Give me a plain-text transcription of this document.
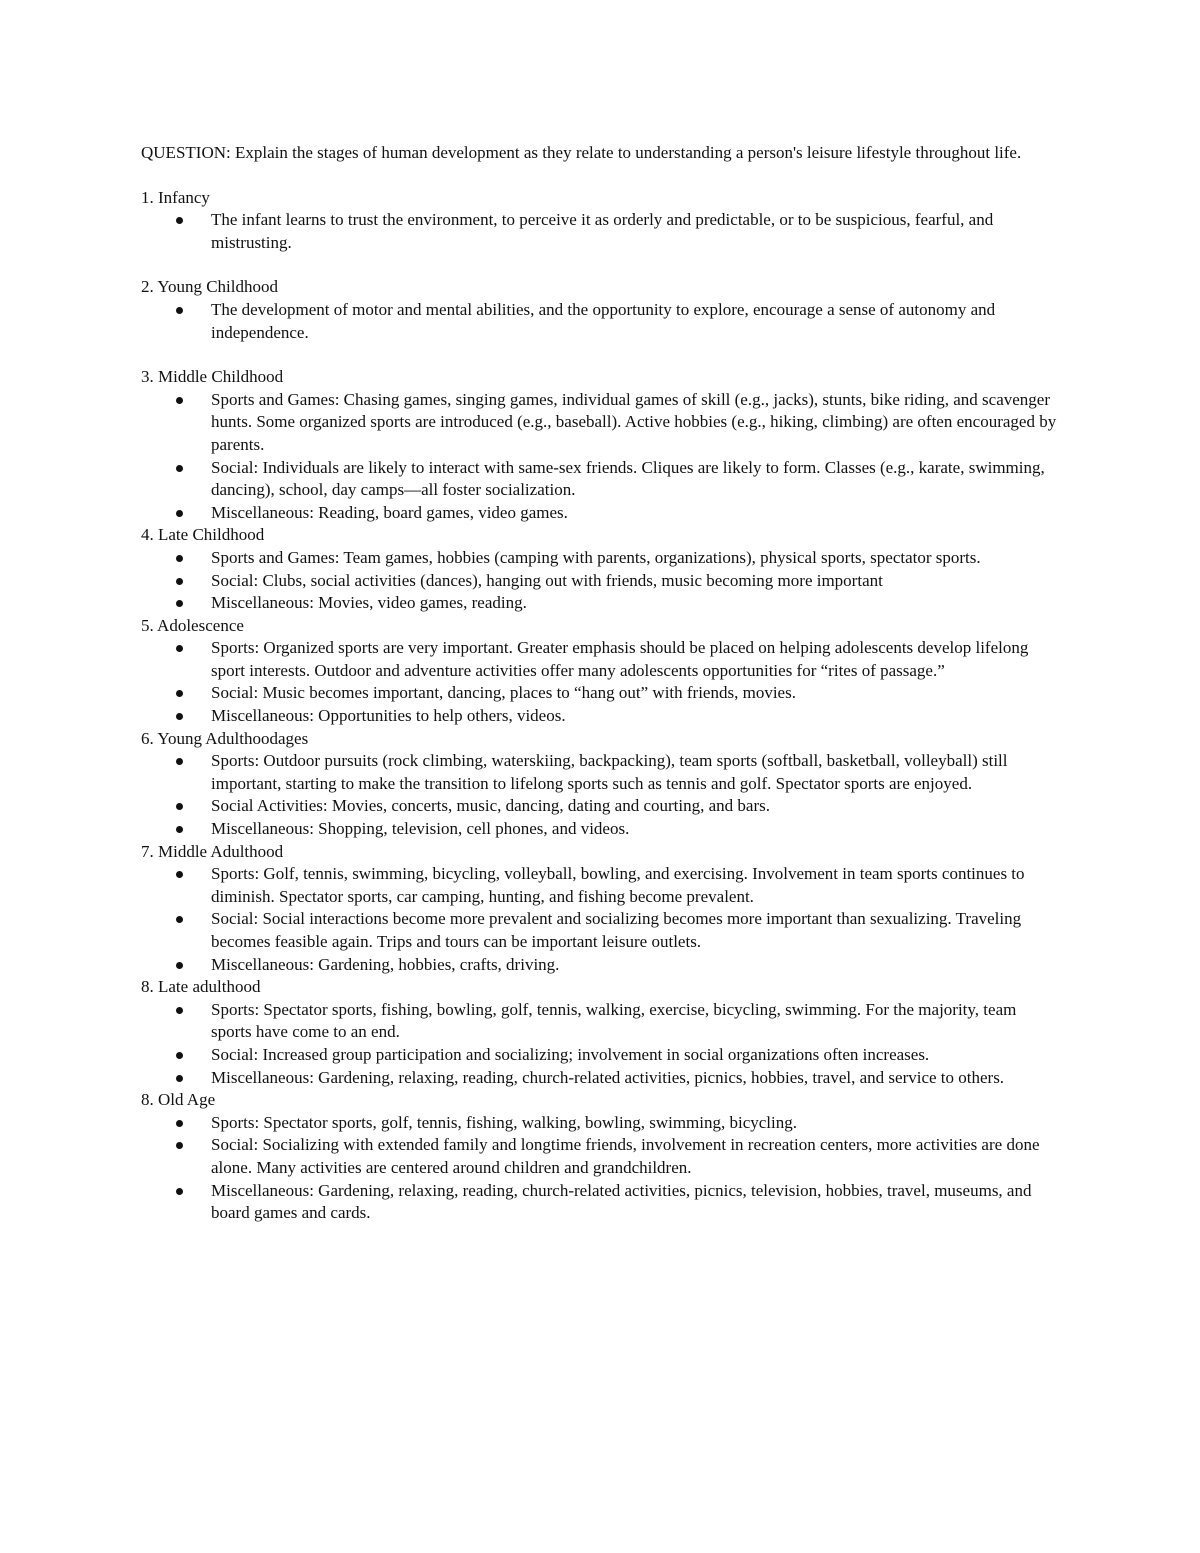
QUESTION: Explain the stages of human development as they relate to understanding a person's leisure lifestyle throughout life.

1. Infancy

The infant learns to trust the environment, to perceive it as orderly and predictable, or to be suspicious, fearful, and mistrusting.

2. Young Childhood

The development of motor and mental abilities, and the opportunity to explore, encourage a sense of autonomy and independence.

3. Middle Childhood

Sports and Games: Chasing games, singing games, individual games of skill (e.g., jacks), stunts, bike riding, and scavenger hunts. Some organized sports are introduced (e.g., baseball). Active hobbies (e.g., hiking, climbing) are often encouraged by parents.
Social: Individuals are likely to interact with same-sex friends. Cliques are likely to form. Classes (e.g., karate, swimming, dancing), school, day camps—all foster socialization.
Miscellaneous: Reading, board games, video games.

4. Late Childhood

Sports and Games: Team games, hobbies (camping with parents, organizations), physical sports, spectator sports.
Social: Clubs, social activities (dances), hanging out with friends, music becoming more important
Miscellaneous: Movies, video games, reading.

5. Adolescence

Sports: Organized sports are very important. Greater emphasis should be placed on helping adolescents develop lifelong sport interests. Outdoor and adventure activities offer many adolescents opportunities for “rites of passage.”
Social: Music becomes important, dancing, places to “hang out” with friends, movies.
Miscellaneous: Opportunities to help others, videos.

6. Young Adulthoodages

Sports: Outdoor pursuits (rock climbing, waterskiing, backpacking), team sports (softball, basketball, volleyball) still important, starting to make the transition to lifelong sports such as tennis and golf. Spectator sports are enjoyed.
Social Activities: Movies, concerts, music, dancing, dating and courting, and bars.
Miscellaneous: Shopping, television, cell phones, and videos.

7. Middle Adulthood

Sports: Golf, tennis, swimming, bicycling, volleyball, bowling, and exercising. Involvement in team sports continues to diminish. Spectator sports, car camping, hunting, and fishing become prevalent.
Social: Social interactions become more prevalent and socializing becomes more important than sexualizing. Traveling becomes feasible again. Trips and tours can be important leisure outlets.
Miscellaneous: Gardening, hobbies, crafts, driving.

8. Late adulthood

Sports: Spectator sports, fishing, bowling, golf, tennis, walking, exercise, bicycling, swimming. For the majority, team sports have come to an end.
Social: Increased group participation and socializing; involvement in social organizations often increases.
Miscellaneous: Gardening, relaxing, reading, church-related activities, picnics, hobbies, travel, and service to others.

8. Old Age

Sports: Spectator sports, golf, tennis, fishing, walking, bowling, swimming, bicycling.
Social: Socializing with extended family and longtime friends, involvement in recreation centers, more activities are done alone. Many activities are centered around children and grandchildren.
Miscellaneous: Gardening, relaxing, reading, church-related activities, picnics, television, hobbies, travel, museums, and board games and cards.
